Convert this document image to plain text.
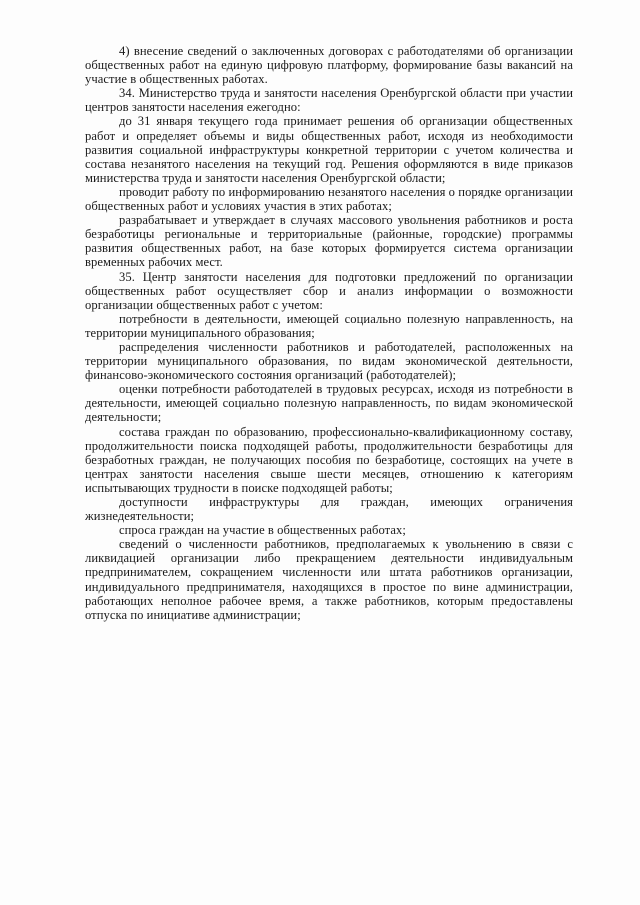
4) внесение сведений о заключенных договорах с работодателями об организации общественных работ на единую цифровую платформу, формирование базы вакансий на участие в общественных работах.

34. Министерство труда и занятости населения Оренбургской области при участии центров занятости населения ежегодно:

до 31 января текущего года принимает решения об организации общественных работ и определяет объемы и виды общественных работ, исходя из необходимости развития социальной инфраструктуры конкретной территории с учетом количества и состава незанятого населения на текущий год. Решения оформляются в виде приказов министерства труда и занятости населения Оренбургской области;

проводит работу по информированию незанятого населения о порядке организации общественных работ и условиях участия в этих работах;

разрабатывает и утверждает в случаях массового увольнения работников и роста безработицы региональные и территориальные (районные, городские) программы развития общественных работ, на базе которых формируется система организации временных рабочих мест.

35. Центр занятости населения для подготовки предложений по организации общественных работ осуществляет сбор и анализ информации о возможности организации общественных работ с учетом:

потребности в деятельности, имеющей социально полезную направленность, на территории муниципального образования;

распределения численности работников и работодателей, расположенных на территории муниципального образования, по видам экономической деятельности, финансово-экономического состояния организаций (работодателей);

оценки потребности работодателей в трудовых ресурсах, исходя из потребности в деятельности, имеющей социально полезную направленность, по видам экономической деятельности;

состава граждан по образованию, профессионально-квалификационному составу, продолжительности поиска подходящей работы, продолжительности безработицы для безработных граждан, не получающих пособия по безработице, состоящих на учете в центрах занятости населения свыше шести месяцев, отношению к категориям испытывающих трудности в поиске подходящей работы;

доступности инфраструктуры для граждан, имеющих ограничения жизнедеятельности;

спроса граждан на участие в общественных работах;

сведений о численности работников, предполагаемых к увольнению в связи с ликвидацией организации либо прекращением деятельности индивидуальным предпринимателем, сокращением численности или штата работников организации, индивидуального предпринимателя, находящихся в простое по вине администрации, работающих неполное рабочее время, а также работников, которым предоставлены отпуска по инициативе администрации;
